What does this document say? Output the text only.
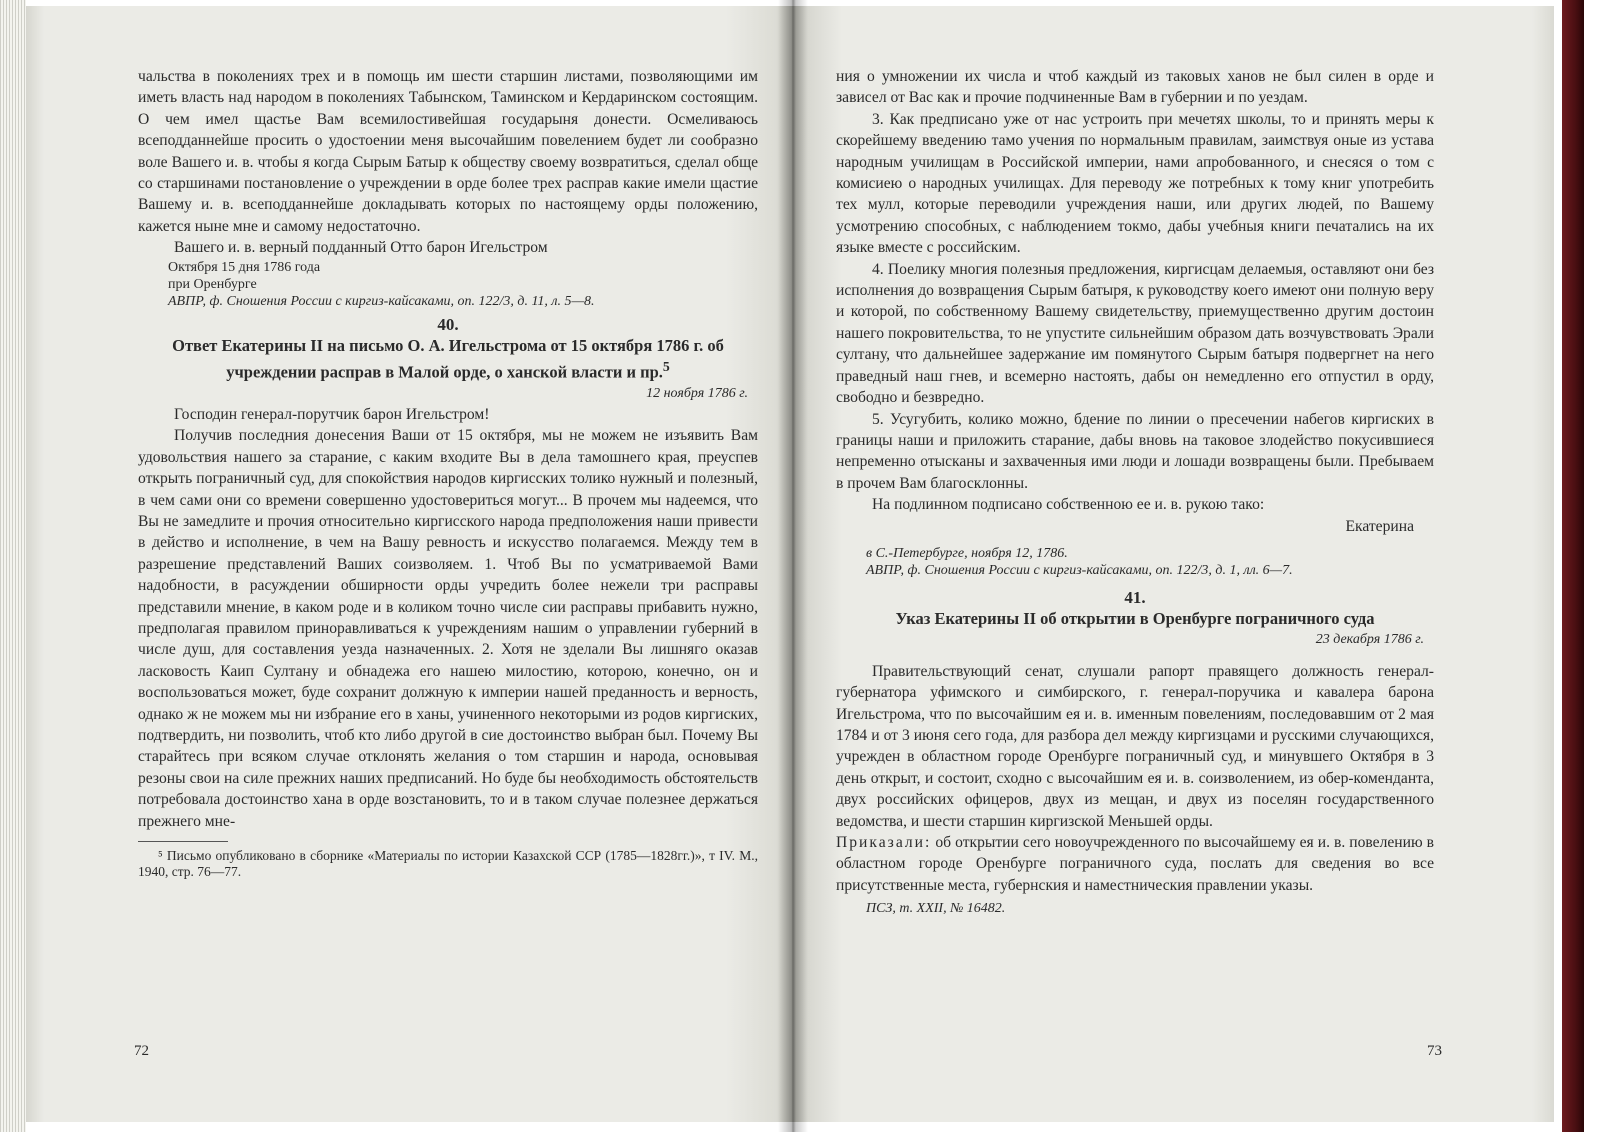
чальства в поколениях трех и в помощь им шести старшин листами, позволяющими им иметь власть над народом в поколениях Табынском, Таминском и Кердаринском состоящим. О чем имел щастье Вам всемилостивейшая государыня донести. Осмеливаюсь всеподданнейше просить о удостоении меня высочайшим повелением будет ли сообразно воле Вашего и. в. чтобы я когда Сырым Батыр к обществу своему возвратиться, сделал обще со старшинами постановление о учреждении в орде более трех расправ какие имели щастие Вашему и. в. всеподданнейше докладывать которых по настоящему орды положению, кажется ныне мне и самому недостаточно.

Вашего и. в. верный подданный Отто барон Игельстром

Октября 15 дня 1786 года

при Оренбурге

АВПР, ф. Сношения России с киргиз-кайсаками, оп. 122/3, д. 11, л. 5—8.

40.

Ответ Екатерины II на письмо О. А. Игельстрома от 15 октября 1786 г. об учреждении расправ в Малой орде, о ханской власти и пр.$^5$

12 ноября 1786 г.

Господин генерал-порутчик барон Игельстром!

Получив последния донесения Ваши от 15 октября, мы не можем не изъявить Вам удовольствия нашего за старание, с каким входите Вы в дела тамошнего края, преуспев открыть пограничный суд, для спокойствия народов киргисских толико нужный и полезный, в чем сами они со времени совершенно удостовериться могут... В прочем мы надеемся, что Вы не замедлите и прочия относительно киргисского народа предположения наши привести в действо и исполнение, в чем на Вашу ревность и искусство полагаемся. Между тем в разрешение представлений Ваших соизволяем. 1. Чтоб Вы по усматриваемой Вами надобности, в расуждении обширности орды учредить более нежели три расправы представили мнение, в каком роде и в коликом точно числе сии расправы прибавить нужно, предполагая правилом приноравливаться к учреждениям нашим о управлении губерний в числе душ, для составления уезда назначенных. 2. Хотя не зделали Вы лишняго оказав ласковость Каип Султану и обнадежа его нашею милостию, которою, конечно, он и воспользоваться может, буде сохранит должную к империи нашей преданность и верность, однако ж не можем мы ни избрание его в ханы, учиненного некоторыми из родов киргиских, подтвердить, ни позволить, чтоб кто либо другой в сие достоинство выбран был. Почему Вы старайтесь при всяком случае отклонять желания о том старшин и народа, основывая резоны свои на силе прежних наших предписаний. Но буде бы необходимость обстоятельств потребовала достоинство хана в орде возстановить, то и в таком случае полезнее держаться прежнего мне-

⁵ Письмо опубликовано в сборнике «Материалы по истории Казахской ССР (1785—1828гг.)», т IV. М., 1940, стр. 76—77.

72

ния о умножении их числа и чтоб каждый из таковых ханов не был силен в орде и зависел от Вас как и прочие подчиненные Вам в губернии и по уездам.

3. Как предписано уже от нас устроить при мечетях школы, то и принять меры к скорейшему введению тамо учения по нормальным правилам, заимствуя оные из устава народным училищам в Российской империи, нами апробованного, и снесяся о том с комисиею о народных училищах. Для переводу же потребных к тому книг употребить тех мулл, которые переводили учреждения наши, или других людей, по Вашему усмотрению способных, с наблюдением токмо, дабы учебныя книги печатались на их языке вместе с российским.

4. Поелику многия полезныя предложения, киргисцам делаемыя, оставляют они без исполнения до возвращения Сырым батыря, к руководству коего имеют они полную веру и которой, по собственному Вашему свидетельству, приемущественно другим достоин нашего покровительства, то не упустите сильнейшим образом дать возчувствовать Эрали султану, что дальнейшее задержание им помянутого Сырым батыря подвергнет на него праведный наш гнев, и всемерно настоять, дабы он немедленно его отпустил в орду, свободно и безвредно.

5. Усугубить, колико можно, бдение по линии о пресечении набегов киргиских в границы наши и приложить старание, дабы вновь на таковое злодейство покусившиеся непременно отысканы и захваченныя ими люди и лошади возвращены были. Пребываем в прочем Вам благосклонны.

На подлинном подписано собственною ее и. в. рукою тако:

Екатерина

в С.-Петербурге, ноября 12, 1786.

АВПР, ф. Сношения России с киргиз-кайсаками, оп. 122/3, д. 1, лл. 6—7.

41.

Указ Екатерины II об открытии в Оренбурге пограничного суда

23 декабря 1786 г.

Правительствующий сенат, слушали рапорт правящего должность генерал-губернатора уфимского и симбирского, г. генерал-поручика и кавалера барона Игельстрома, что по высочайшим ея и. в. именным повелениям, последовавшим от 2 мая 1784 и от 3 июня сего года, для разбора дел между киргизцами и русскими случающихся, учрежден в областном городе Оренбурге пограничный суд, и минувшего Октября в 3 день открыт, и состоит, сходно с высочайшим ея и. в. соизволением, из обер-коменданта, двух российских офицеров, двух из мещан, и двух из поселян государственного ведомства, и шести старшин киргизской Меньшей орды.

Приказали: об открытии сего новоучрежденного по высочайшему ея и. в. повелению в областном городе Оренбурге пограничного суда, послать для сведения во все присутственные места, губернския и наместническия правлении указы.

ПСЗ, т. XXII, № 16482.

73
